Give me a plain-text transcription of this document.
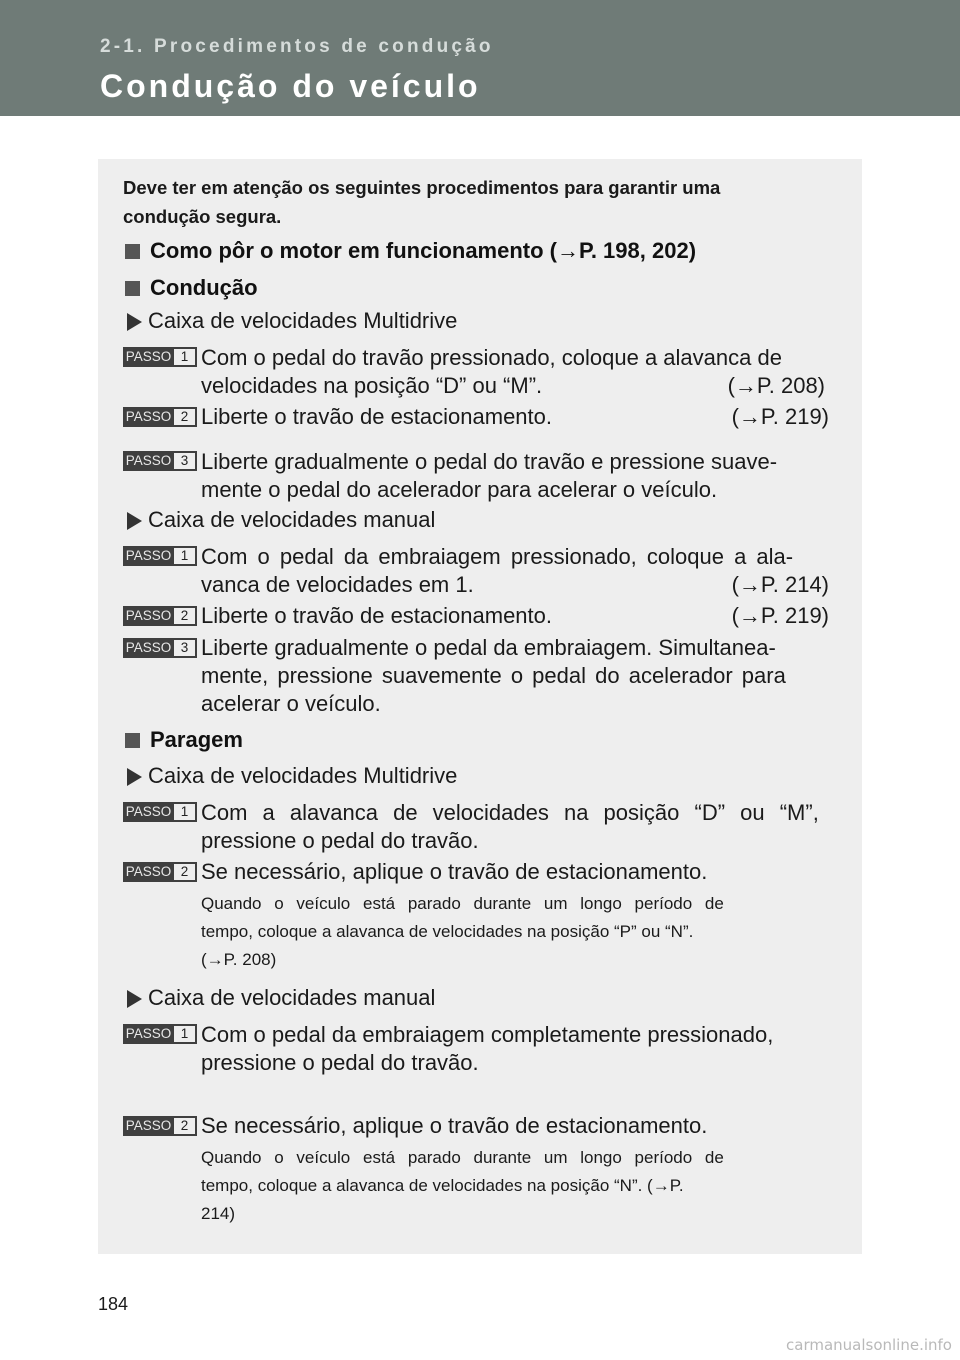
2-1. Procedimentos de condução
Condução do veículo
Deve ter em atenção os seguintes procedimentos para garantir uma
condução segura.
Como pôr o motor em funcionamento (→P. 198, 202)
Condução
Caixa de velocidades Multidrive
PASSO 1 Com o pedal do travão pressionado, coloque a alavanca de
velocidades na posição “D” ou “M”.	(→P. 208)
PASSO 2 Liberte o travão de estacionamento.	(→P. 219)
PASSO 3 Liberte gradualmente o pedal do travão e pressione suave-
mente o pedal do acelerador para acelerar o veículo.
Caixa de velocidades manual
PASSO 1 Com o pedal da embraiagem pressionado, coloque a ala-
vanca de velocidades em 1.	(→P. 214)
PASSO 2 Liberte o travão de estacionamento.	(→P. 219)
PASSO 3 Liberte gradualmente o pedal da embraiagem. Simultanea-
mente, pressione suavemente o pedal do acelerador para
acelerar o veículo.
Paragem
Caixa de velocidades Multidrive
PASSO 1 Com a alavanca de velocidades na posição “D” ou “M”,
pressione o pedal do travão.
PASSO 2 Se necessário, aplique o travão de estacionamento.
Quando o veículo está parado durante um longo período de
tempo, coloque a alavanca de velocidades na posição “P” ou “N”.
(→P. 208)
Caixa de velocidades manual
PASSO 1 Com o pedal da embraiagem completamente pressionado,
pressione o pedal do travão.
PASSO 2 Se necessário, aplique o travão de estacionamento.
Quando o veículo está parado durante um longo período de
tempo, coloque a alavanca de velocidades na posição “N”. (→P.
214)
184
carmanualsonline.info
